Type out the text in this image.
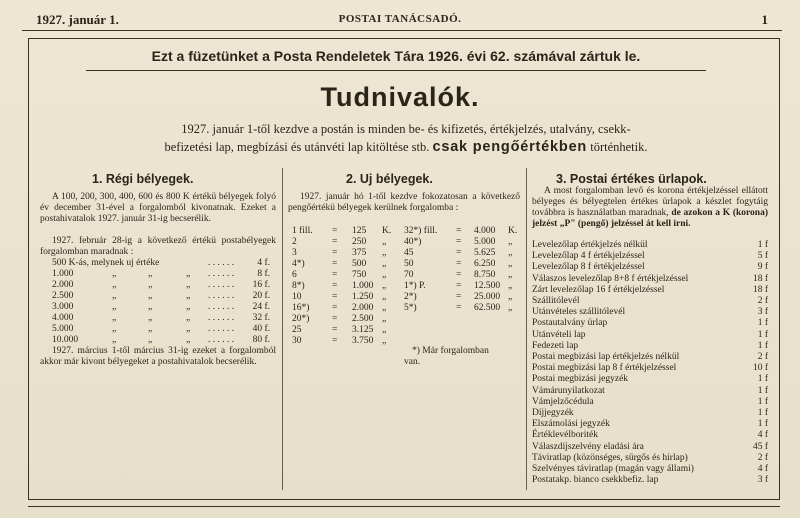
1927. január 1.	POSTAI TANÁCSADÓ.	1
Ezt a füzetünket a Posta Rendeletek Tára 1926. évi 62. számával zártuk le.
Tudnivalók.
1927. január 1-től kezdve a postán is minden be- és kifizetés, értékjelzés, utalvány, csekk-
befizetési lap, megbízási és utánvéti lap kitöltése stb. csak pengőértékben történhetik.
1. Régi bélyegek.
A 100, 200, 300, 400, 600 és 800 K értékü bélyegek folyó év december 31-ével a forgalomból kivonatnak. Ezeket a postahivatalok 1927. január 31-ig becserélik.
1927. február 28-ig a következő értékü postabélyegek forgalomban maradnak :
500 K-ás, melynek uj értéke	. . . . . . 4 f.
1.000	„	„	„ . . . . . . 8 f.
2.000	„	„	„ . . . . . . 16 f.
2.500	„	„	„ . . . . . . 20 f.
3.000	„	„	„ . . . . . . 24 f.
4.000	„	„	„ . . . . . . 32 f.
5.000	„	„	„ . . . . . . 40 f.
10.000	„	„	„ . . . . . . 80 f.
1927. március 1-től március 31-ig ezeket a forgalomból akkor már kivont bélyegeket a postahivatalok becserélik.
2. Uj bélyegek.
1927. január hó 1-től kezdve fokozatosan a következő pengőértékü bélyegek kerülnek forgalomba :
1 fill. = 125 K. 32*) fill. = 4.000 K.
2	= 250 „ 40*)	= 5.000 „
3	= 375 „ 45	= 5.625 „
4*)	= 500 „ 50	= 6.250 „
6	= 750 „ 70	= 8.750 „
8*)	= 1.000 „ 1*) P.	= 12.500 „
10	= 1.250 „ 2*)	= 25.000 „
16*) = 2.000 „ 5*)	= 62.500 „
20*) = 2.500 „
25	= 3.125 „
30	= 3.750 „
*) Már forgalomban van.
3. Postai értékes ürlapok.
A most forgalomban levő és korona értékjelzéssel ellátott bélyeges és bélyegtelen értékes ürlapok a készlet fogytáig továbbra is használatban maradnak, de azokon a K (korona) jelzést „P" (pengő) jelzéssel át kell irni.
Levelezőlap értékjelzés nélkül	1 f
Levelezőlap 4 f értékjelzéssel	5 f
Levelezőlap 8 f értékjelzéssel	9 f
Válaszos levelezőlap 8+8 f értékjelzéssel	18 f
Zárt levelezőlap 16 f értékjelzéssel	18 f
Szállitólevél	2 f
Utánvételes szállitólevél	3 f
Postautalvány ürlap	1 f
Utánvételi lap	1 f
Fedezeti lap	1 f
Postai megbizási lap értékjelzés nélkül	2 f
Postai megbizási lap 8 f értékjelzéssel	10 f
Postai megbizási jegyzék	1 f
Vámárunyilatkozat	1 f
Vámjelzőcédula	1 f
Díjjegyzék	1 f
Elszámolási jegyzék	1 f
Értéklevélboriték	4 f
Válaszdíjszelvény eladási ára	45 f
Táviratlap (közönséges, sürgős és hírlap)	2 f
Szelvényes táviratlap (magán vagy állami)	4 f
Postatakp. bianco csekkbefiz. lap	3 f
